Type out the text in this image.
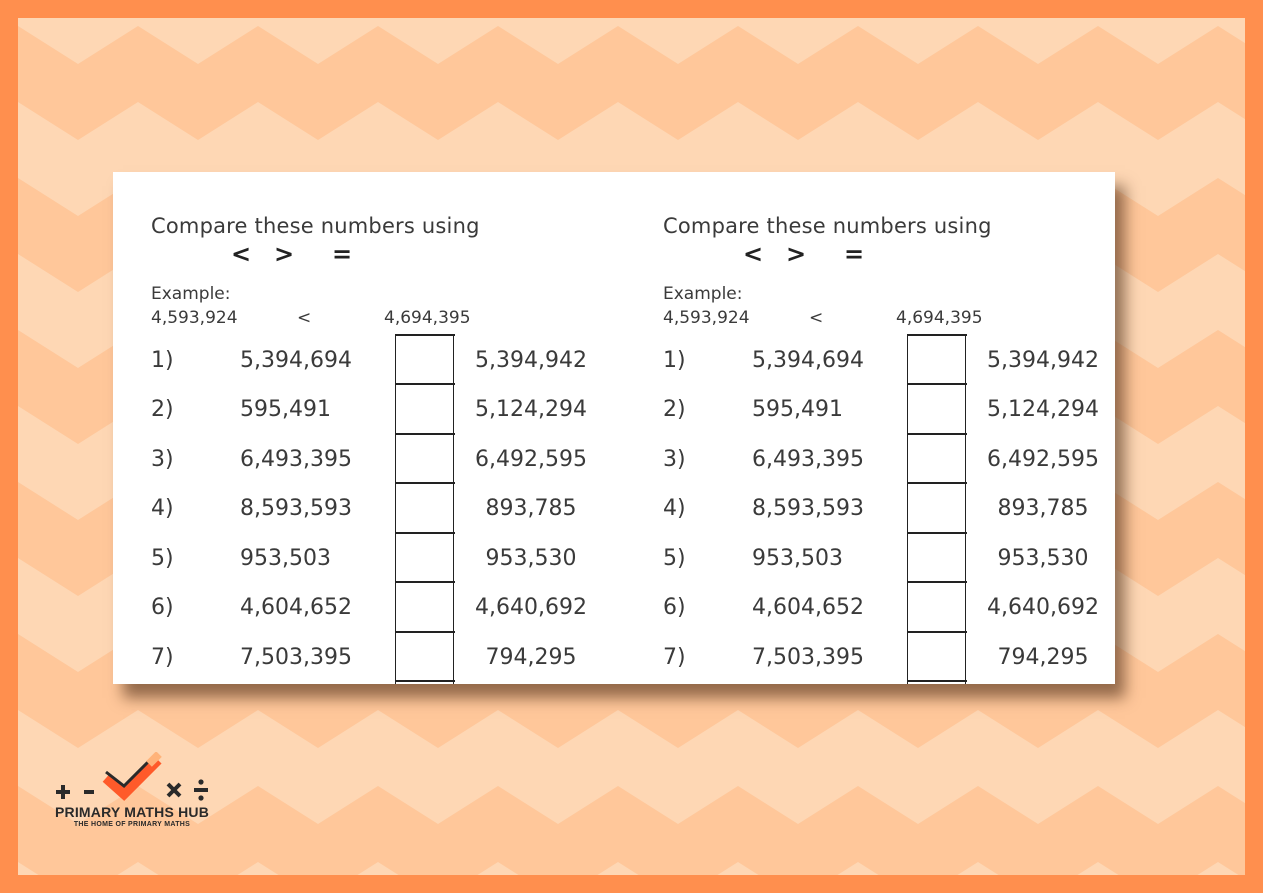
Compare these numbers using
< > =
Example:
4,593,924	<	4,694,395
1)	5,394,694	5,394,942
2)	595,491	5,124,294
3)	6,493,395	6,492,595
4)	8,593,593	893,785
5)	953,503	953,530
6)	4,604,652	4,640,692
7)	7,503,395	794,295
Compare these numbers using
< > =
Example:
4,593,924	<	4,694,395
1)	5,394,694	5,394,942
2)	595,491	5,124,294
3)	6,493,395	6,492,595
4)	8,593,593	893,785
5)	953,503	953,530
6)	4,604,652	4,640,692
7)	7,503,395	794,295
PRIMARY MATHS HUB
THE HOME OF PRIMARY MATHS
